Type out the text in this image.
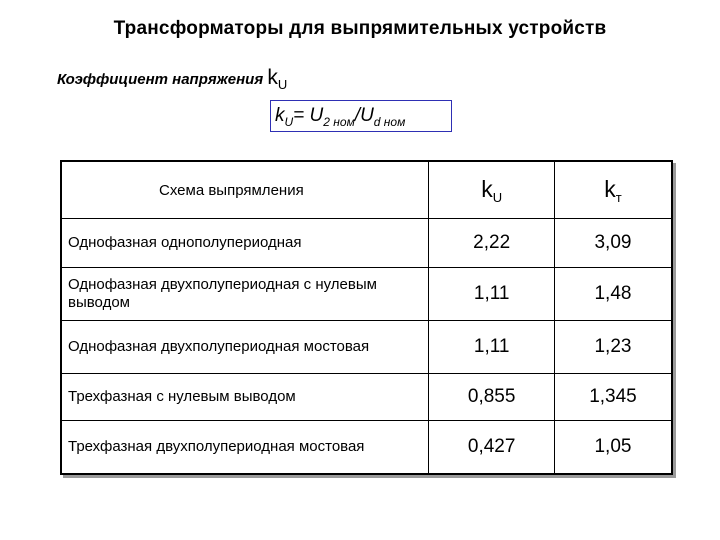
Трансформаторы для выпрямительных устройств
Коэффициент напряжения $k_U$
$k_U= U_{2 ном}/U_{d ном}$
Схема выпрямления	$k_U$	$k_т$
Однофазная однополупериодная	2,22	3,09
Однофазная двухполупериодная с нулевым выводом	1,11	1,48
Однофазная двухполупериодная мостовая	1,11	1,23
Трехфазная с нулевым выводом	0,855	1,345
Трехфазная двухполупериодная мостовая	0,427	1,05
